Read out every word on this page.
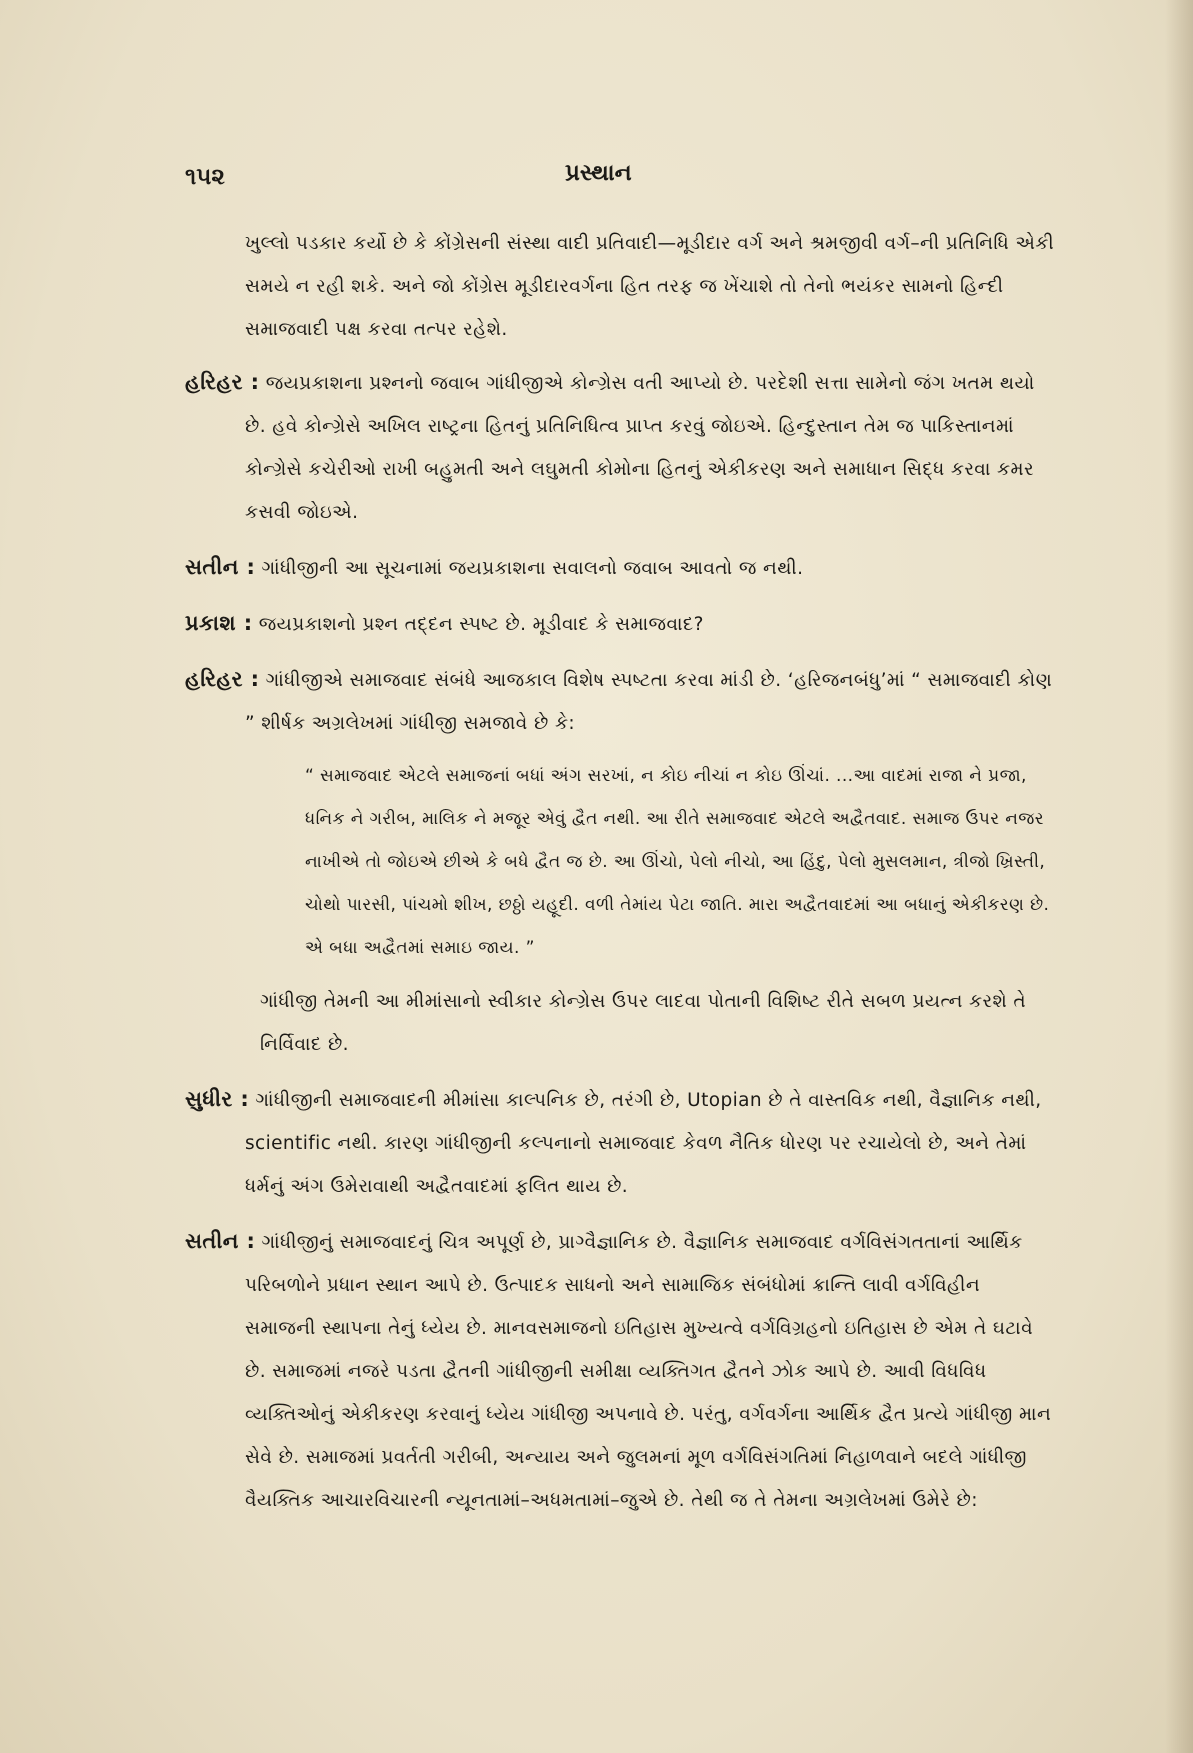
૧૫૨	પ્રસ્થાન

ખુલ્લો પડકાર કર્યો છે કે કોંગ્રેસની સંસ્થા વાદી પ્રતિવાદી—મૂડીદાર વર્ગ અને શ્રમજીવી વર્ગ–ની પ્રતિનિધિ એકી સમયે ન રહી શકે. અને જો કોંગ્રેસ મૂડીદારવર્ગના હિત તરફ જ ખેંચાશે તો તેનો ભયંકર સામનો હિન્દી સમાજવાદી પક્ષ કરવા તત્પર રહેશે.

હરિહર : જયપ્રકાશના પ્રશ્નનો જવાબ ગાંધીજીએ કોન્ગ્રેસ વતી આપ્યો છે. પરદેશી સત્તા સામેનો જંગ ખતમ થયો છે. હવે કોન્ગ્રેસે અખિલ રાષ્ટ્રના હિતનું પ્રતિનિધિત્વ પ્રાપ્ત કરવું જોઇએ. હિન્દુસ્તાન તેમ જ પાકિસ્તાનમાં કોન્ગ્રેસે કચેરીઓ રાખી બહુમતી અને લઘુમતી કોમોના હિતનું એકીકરણ અને સમાધાન સિદ્ધ કરવા કમર કસવી જોઇએ.

સતીન : ગાંધીજીની આ સૂચનામાં જયપ્રકાશના સવાલનો જવાબ આવતો જ નથી.

પ્રકાશ : જયપ્રકાશનો પ્રશ્ન તદ્દન સ્પષ્ટ છે. મૂડીવાદ કે સમાજવાદ?

હરિહર : ગાંધીજીએ સમાજવાદ સંબંધે આજકાલ વિશેષ સ્પષ્ટતા કરવા માંડી છે. ‘હરિજનબંધુ’માં “ સમાજવાદી કોણ ” શીર્ષક અગ્રલેખમાં ગાંધીજી સમજાવે છે કે:

“ સમાજવાદ એટલે સમાજનાં બધાં અંગ સરખાં, ન કોઇ નીચાં ન કોઇ ઊંચાં. ...આ વાદમાં રાજા ને પ્રજા, ધનિક ને ગરીબ, માલિક ને મજૂર એવું દ્વૈત નથી. આ રીતે સમાજવાદ એટલે અદ્વૈતવાદ. સમાજ ઉપર નજર નાખીએ તો જોઇએ છીએ કે બધે દ્વૈત જ છે. આ ઊંચો, પેલો નીચો, આ હિંદુ, પેલો મુસલમાન, ત્રીજો ખ્રિસ્તી, ચોથો પારસી, પાંચમો શીખ, છઠ્ઠો યહૂદી. વળી તેમાંય પેટા જાતિ. મારા અદ્વૈતવાદમાં આ બધાનું એકીકરણ છે. એ બધા અદ્વૈતમાં સમાઇ જાય. ”

ગાંધીજી તેમની આ મીમાંસાનો સ્વીકાર કોન્ગ્રેસ ઉપર લાદવા પોતાની વિશિષ્ટ રીતે સબળ પ્રયત્ન કરશે તે નિર્વિવાદ છે.

સુધીર : ગાંધીજીની સમાજવાદની મીમાંસા કાલ્પનિક છે, તરંગી છે, Utopian છે તે વાસ્તવિક નથી, વૈજ્ઞાનિક નથી, scientific નથી. કારણ ગાંધીજીની કલ્પનાનો સમાજવાદ કેવળ નૈતિક ધોરણ પર રચાયેલો છે, અને તેમાં ધર્મનું અંગ ઉમેરાવાથી અદ્વૈતવાદમાં ફલિત થાય છે.

સતીન : ગાંધીજીનું સમાજવાદનું ચિત્ર અપૂર્ણ છે, પ્રાગ્વૈજ્ઞાનિક છે. વૈજ્ઞાનિક સમાજવાદ વર્ગવિસંગતતાનાં આર્થિક પરિબળોને પ્રધાન સ્થાન આપે છે. ઉત્પાદક સાધનો અને સામાજિક સંબંધોમાં ક્રાન્તિ લાવી વર્ગવિહીન સમાજની સ્થાપના તેનું ધ્યેય છે. માનવસમાજનો ઇતિહાસ મુખ્યત્વે વર્ગવિગ્રહનો ઇતિહાસ છે એમ તે ઘટાવે છે. સમાજમાં નજરે પડતા દ્વૈતની ગાંધીજીની સમીક્ષા વ્યક્તિગત દ્વૈતને ઝોક આપે છે. આવી વિધવિધ વ્યક્તિઓનું એકીકરણ કરવાનું ધ્યેય ગાંધીજી અપનાવે છે. પરંતુ, વર્ગવર્ગના આર્થિક દ્વૈત પ્રત્યે ગાંધીજી માન સેવે છે. સમાજમાં પ્રવર્તતી ગરીબી, અન્યાય અને જુલમનાં મૂળ વર્ગવિસંગતિમાં નિહાળવાને બદલે ગાંધીજી વૈયક્તિક આચારવિચારની ન્યૂનતામાં–અધમતામાં–જુએ છે. તેથી જ તે તેમના અગ્રલેખમાં ઉમેરે છે:
